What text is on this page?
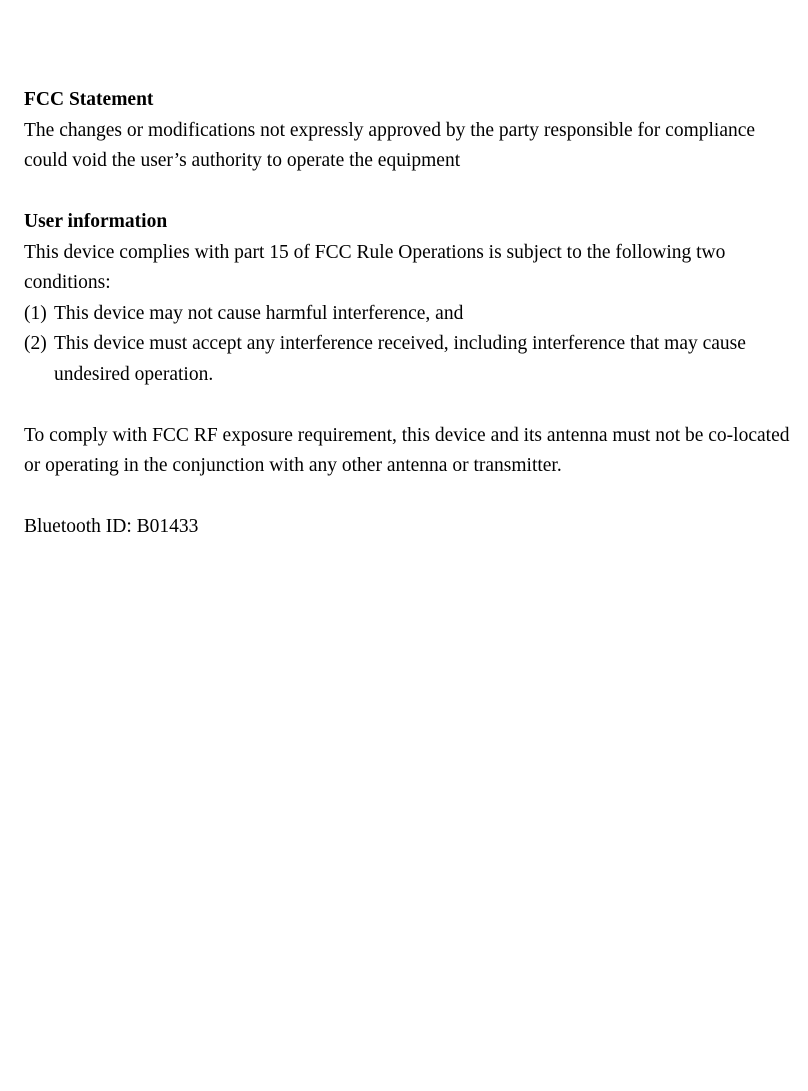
FCC Statement

The changes or modifications not expressly approved by the party responsible for compliance could void the user’s authority to operate the equipment

User information

This device complies with part 15 of FCC Rule Operations is subject to the following two conditions:

(1) This device may not cause harmful interference, and
(2) This device must accept any interference received, including interference that may cause undesired operation.

To comply with FCC RF exposure requirement, this device and its antenna must not be co-located or operating in the conjunction with any other antenna or transmitter.

Bluetooth ID: B01433
